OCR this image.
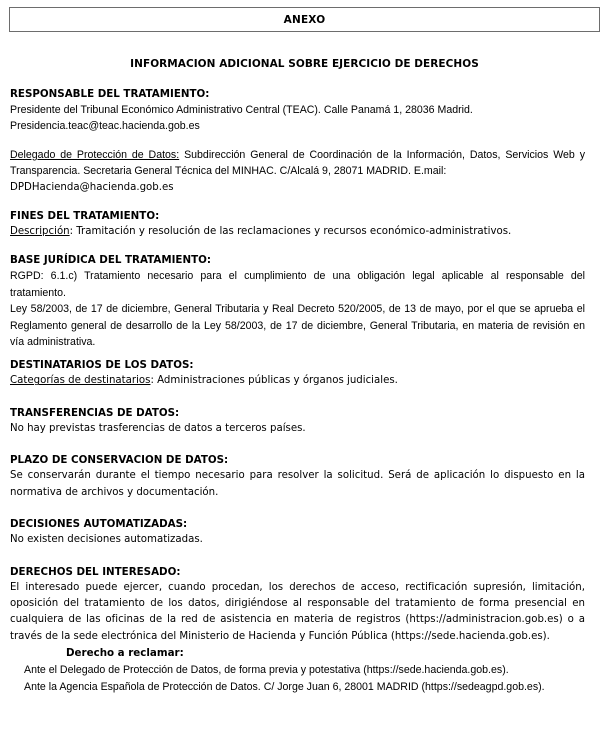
ANEXO
INFORMACION ADICIONAL SOBRE EJERCICIO DE DERECHOS
RESPONSABLE DEL TRATAMIENTO:

Presidente del Tribunal Económico Administrativo Central (TEAC). Calle Panamá 1, 28036 Madrid.

Presidencia.teac@teac.hacienda.gob.es

Delegado de Protección de Datos: Subdirección General de Coordinación de la Información, Datos, Servicios Web y Transparencia. Secretaria General Técnica del MINHAC. C/Alcalá 9, 28071 MADRID. E.mail:

DPDHacienda@hacienda.gob.es

FINES DEL TRATAMIENTO:

Descripción: Tramitación y resolución de las reclamaciones y recursos económico-administrativos.

BASE JURÍDICA DEL TRATAMIENTO:

RGPD: 6.1.c) Tratamiento necesario para el cumplimiento de una obligación legal aplicable al responsable del tratamiento.

Ley 58/2003, de 17 de diciembre, General Tributaria y Real Decreto 520/2005, de 13 de mayo, por el que se aprueba el Reglamento general de desarrollo de la Ley 58/2003, de 17 de diciembre, General Tributaria, en materia de revisión en vía administrativa.

DESTINATARIOS DE LOS DATOS:

Categorías de destinatarios: Administraciones públicas y órganos judiciales.

TRANSFERENCIAS DE DATOS:

No hay previstas trasferencias de datos a terceros países.

PLAZO DE CONSERVACION DE DATOS:

Se conservarán durante el tiempo necesario para resolver la solicitud. Será de aplicación lo dispuesto en la normativa de archivos y documentación.

DECISIONES AUTOMATIZADAS:

No existen decisiones automatizadas.

DERECHOS DEL INTERESADO:

El interesado puede ejercer, cuando procedan, los derechos de acceso, rectificación supresión, limitación, oposición del tratamiento de los datos, dirigiéndose al responsable del tratamiento de forma presencial en cualquiera de las oficinas de la red de asistencia en materia de registros (https://administracion.gob.es) o a través de la sede electrónica del Ministerio de Hacienda y Función Pública (https://sede.hacienda.gob.es).

Derecho a reclamar:

Ante el Delegado de Protección de Datos, de forma previa y potestativa (https://sede.hacienda.gob.es).

Ante la Agencia Española de Protección de Datos. C/ Jorge Juan 6, 28001 MADRID (https://sedeagpd.gob.es).
